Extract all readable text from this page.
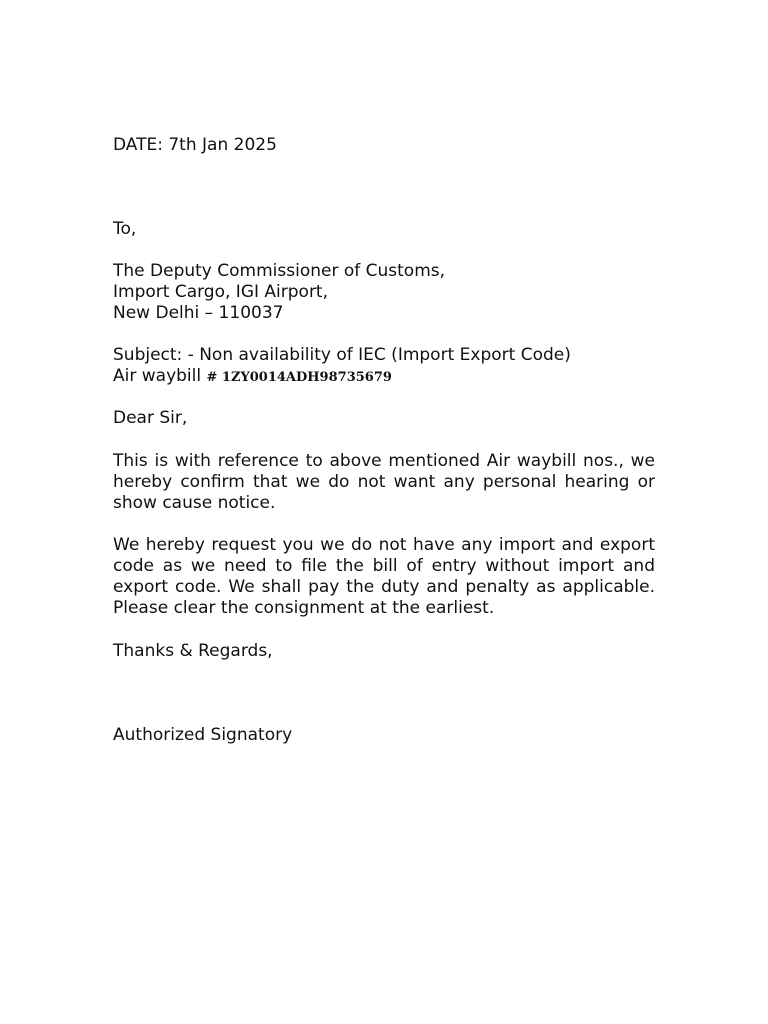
DATE: 7th Jan 2025
To,
The Deputy Commissioner of Customs,
Import Cargo, IGI Airport,
New Delhi – 110037
Subject: - Non availability of IEC (Import Export Code)
Air waybill # 1ZY0014ADH98735679
Dear Sir,
This is with reference to above mentioned Air waybill nos., we hereby confirm that we do not want any personal hearing or show cause notice.
We hereby request you we do not have any import and export code as we need to file the bill of entry without import and export code. We shall pay the duty and penalty as applicable. Please clear the consignment at the earliest.
Thanks & Regards,
Authorized Signatory
